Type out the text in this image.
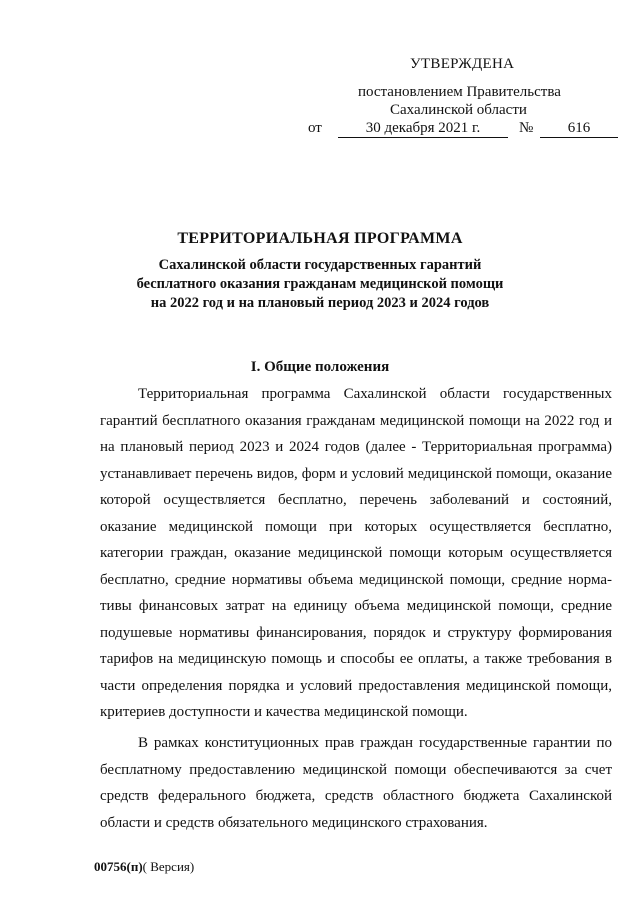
УТВЕРЖДЕНА
постановлением Правительства
Сахалинской области
от	30 декабря 2021 г.	№	616
ТЕРРИТОРИАЛЬНАЯ ПРОГРАММА
Сахалинской области государственных гарантий
бесплатного оказания гражданам медицинской помощи
на 2022 год и на плановый период 2023 и 2024 годов
I. Общие положения
Территориальная программа Сахалинской области государственных гарантий бесплатного оказания гражданам медицинской помощи на 2022 год и на плановый период 2023 и 2024 годов (далее - Территориальная программа) устанавливает перечень видов, форм и условий медицинской помощи, оказание которой осуществляется бесплатно, перечень заболеваний и состояний, оказание медицинской помощи при которых осуществляется бесплатно, категории граждан, оказание медицинской помощи которым осуществляется бесплатно, средние нормативы объема медицинской помощи, средние нормативы финансовых затрат на единицу объема медицинской помощи, средние подушевые нормативы финансирования, порядок и структуру формирования тарифов на медицинскую помощь и способы ее оплаты, а также требования в части определения порядка и условий предоставления медицинской помощи, критериев доступности и качества медицинской помощи.
В рамках конституционных прав граждан государственные гарантии по бесплатному предоставлению медицинской помощи обеспечиваются за счет средств федерального бюджета, средств областного бюджета Сахалинской области и средств обязательного медицинского страхования.
00756(п)( Версия)
